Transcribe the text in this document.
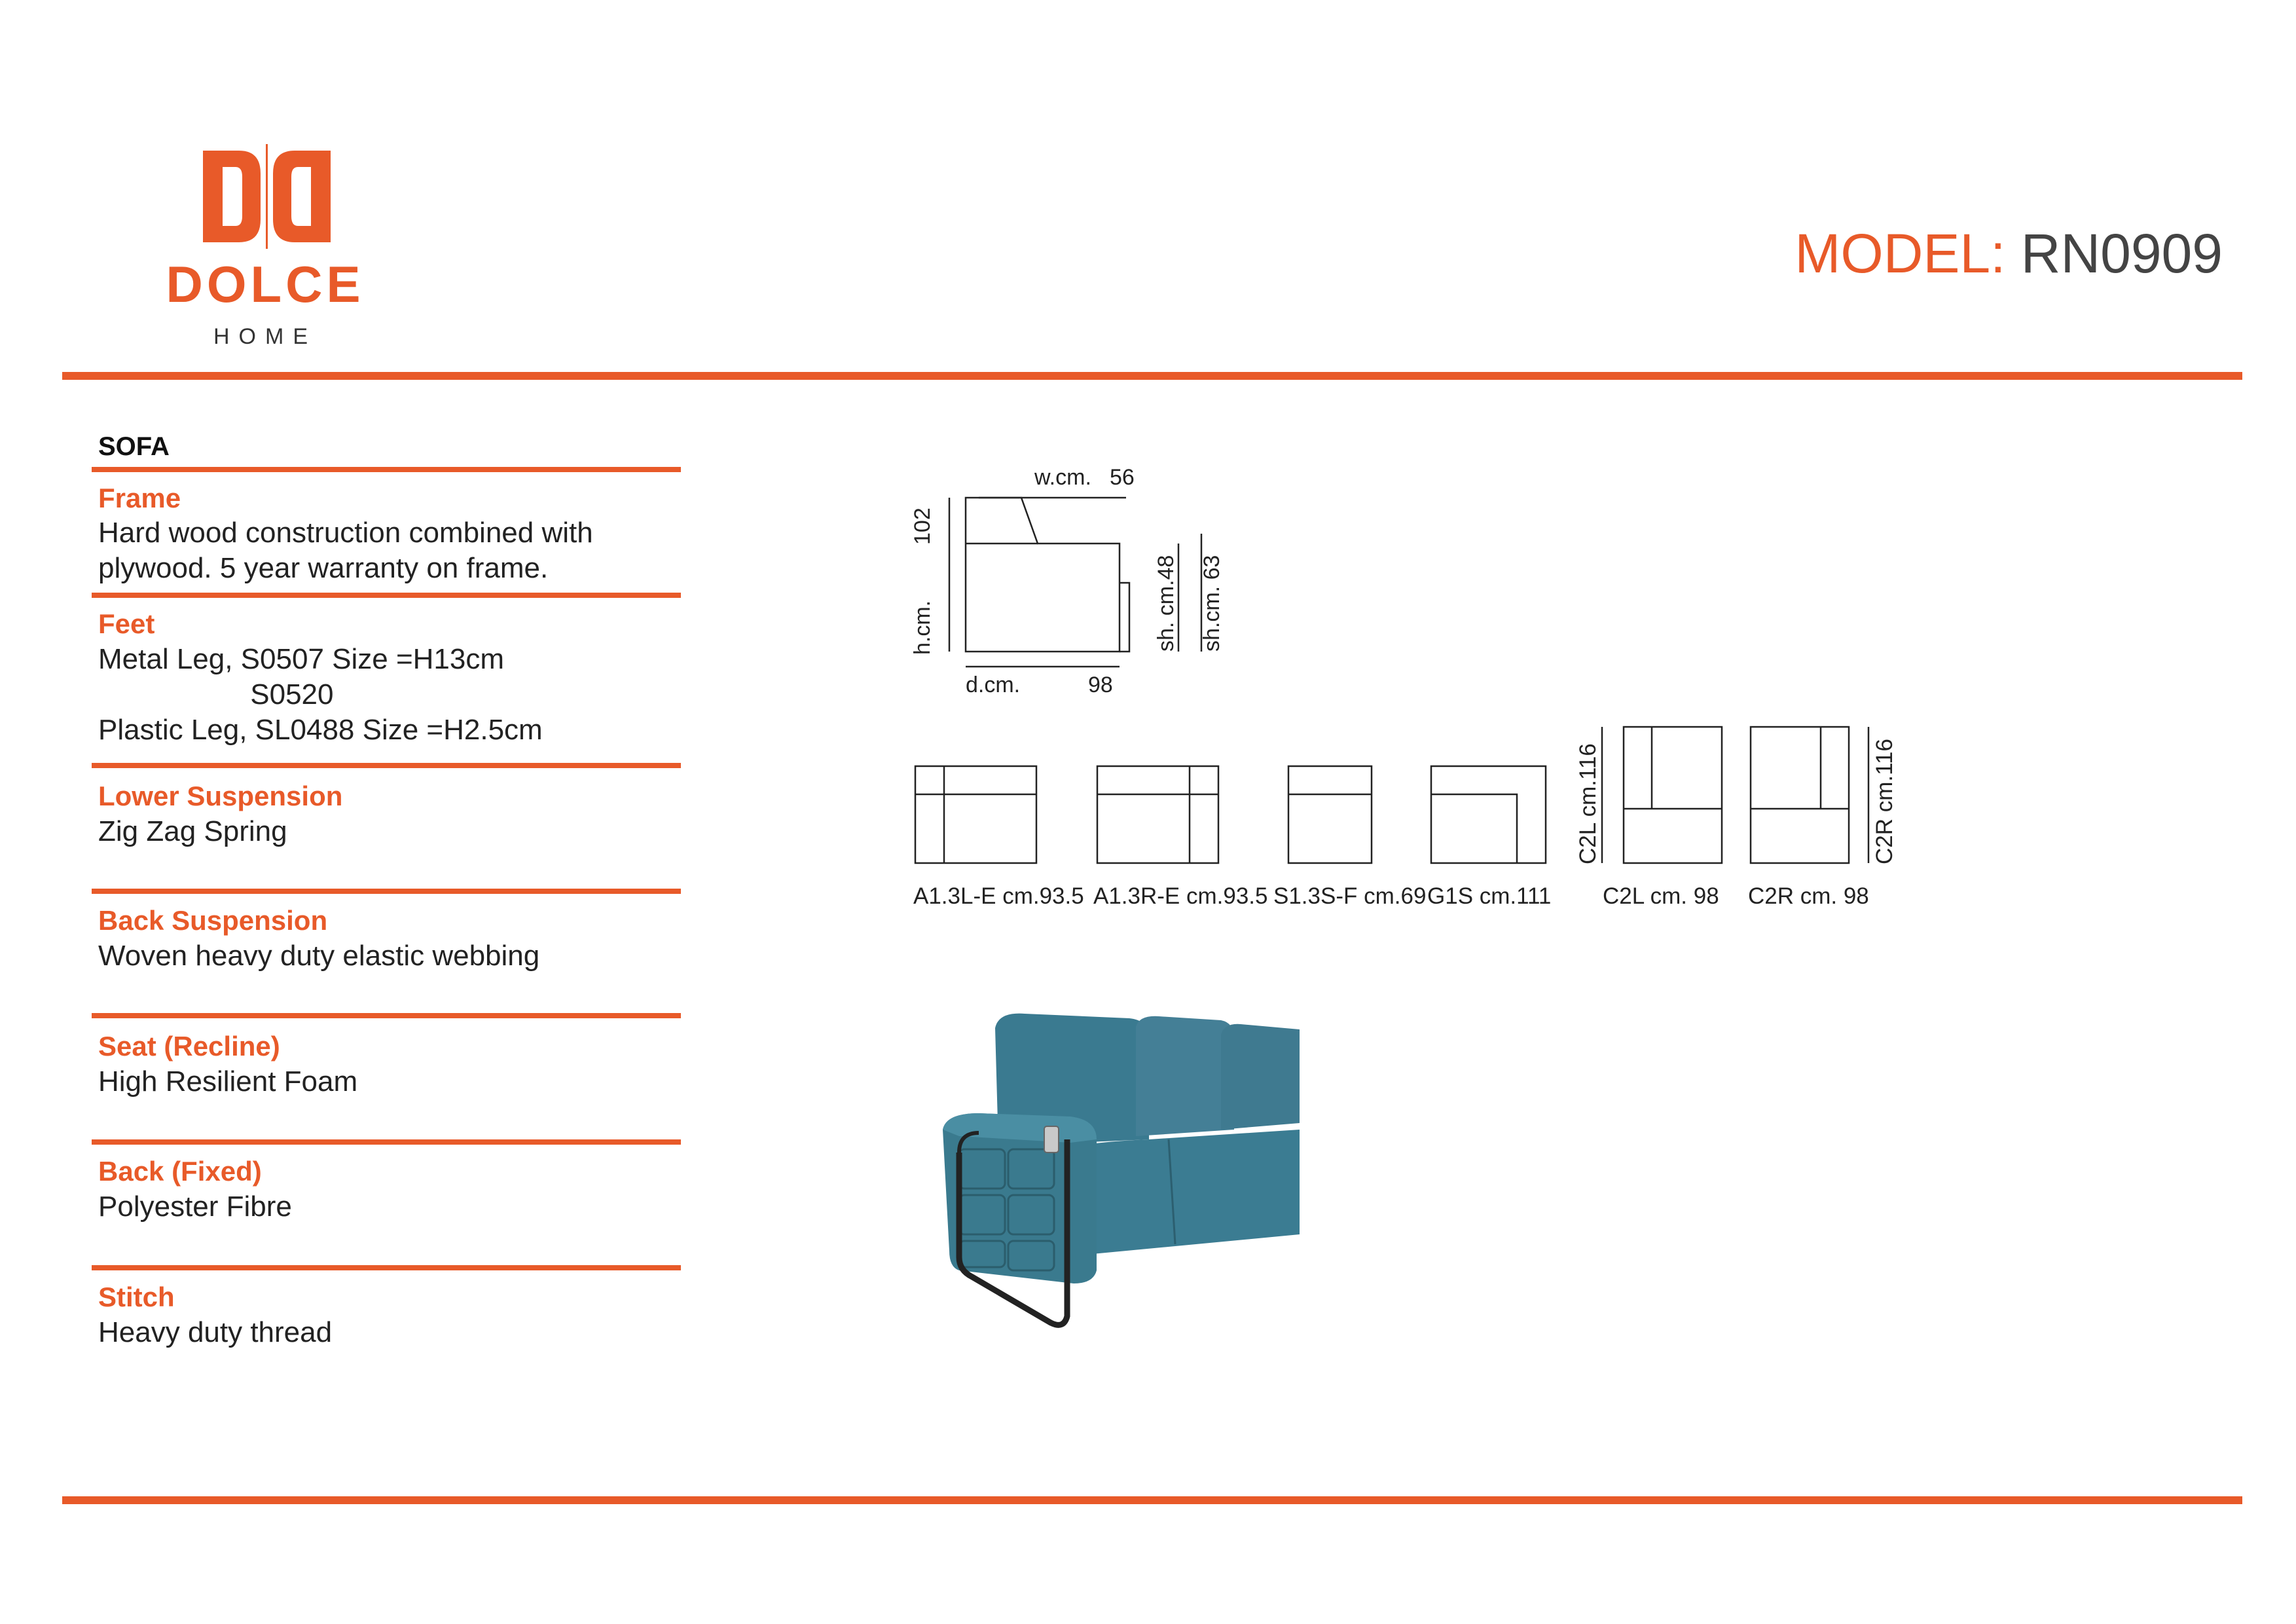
DOLCE
HOME
MODEL: RN0909
SOFA
Frame
Hard wood construction combined with
plywood. 5 year warranty on frame.
Feet
Metal Leg, S0507 Size =H13cm
S0520
Plastic Leg, SL0488 Size =H2.5cm
Lower Suspension
Zig Zag Spring
Back Suspension
Woven heavy duty elastic webbing
Seat (Recline)
High Resilient Foam
Back (Fixed)
Polyester Fibre
Stitch
Heavy duty thread
w.cm. 56
d.cm.	98
h.cm.
102
sh. cm.48 sh.cm. 63
A1.3L-E cm.93.5 A1.3R-E cm.93.5 S1.3S-F cm.69 G1S cm.111 C2L cm. 98 C2R cm. 98
C2L cm.116	C2R cm.116
